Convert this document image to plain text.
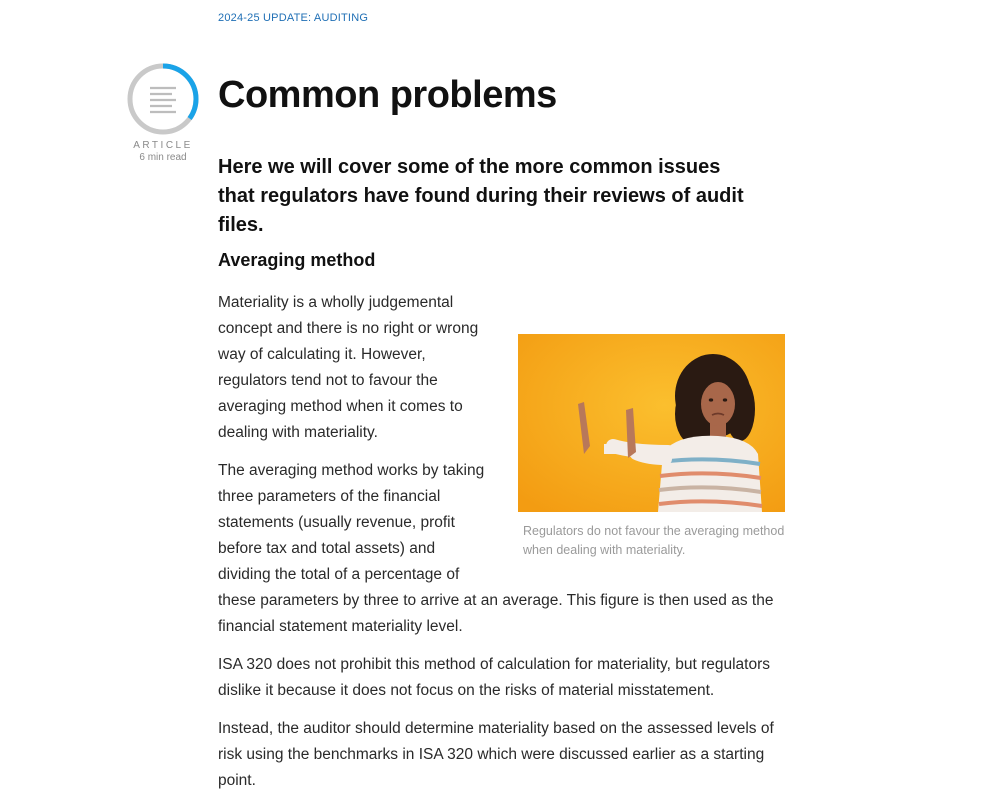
2024-25 UPDATE: AUDITING
ARTICLE
6 min read
Common problems

Here we will cover some of the more common issues that regulators have found during their reviews of audit files.

Averaging method
Regulators do not favour the averaging method when dealing with materiality.

Materiality is a wholly judgemental concept and there is no right or wrong way of calculating it. However, regulators tend not to favour the averaging method when it comes to dealing with materiality.

The averaging method works by taking three parameters of the financial statements (usually revenue, profit before tax and total assets) and dividing the total of a percentage of these parameters by three to arrive at an average. This figure is then used as the financial statement materiality level.

ISA 320 does not prohibit this method of calculation for materiality, but regulators dislike it because it does not focus on the risks of material misstatement.

Instead, the auditor should determine materiality based on the assessed levels of risk using the benchmarks in ISA 320 which were discussed earlier as a starting point.
